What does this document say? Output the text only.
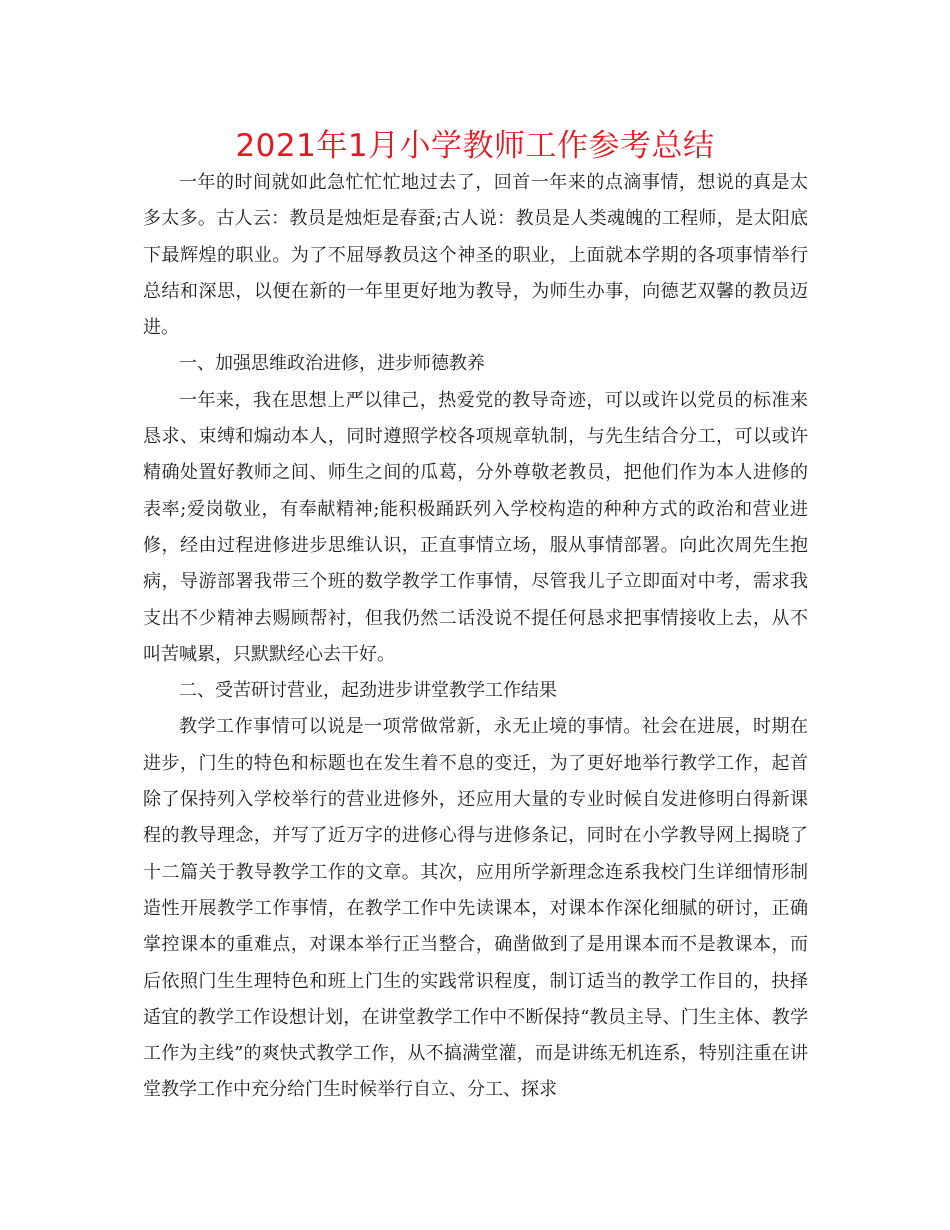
2021年1月小学教师工作参考总结

一年的时间就如此急忙忙忙地过去了，回首一年来的点滴事情，想说的真是太多太多。古人云：教员是烛炬是春蚕;古人说：教员是人类魂魄的工程师，是太阳底下最辉煌的职业。为了不屈辱教员这个神圣的职业，上面就本学期的各项事情举行总结和深思，以便在新的一年里更好地为教导，为师生办事，向德艺双馨的教员迈进。

一、加强思维政治进修，进步师德教养

一年来，我在思想上严以律己，热爱党的教导奇迹，可以或许以党员的标准来恳求、束缚和煽动本人，同时遵照学校各项规章轨制，与先生结合分工，可以或许精确处置好教师之间、师生之间的瓜葛，分外尊敬老教员，把他们作为本人进修的表率;爱岗敬业，有奉献精神;能积极踊跃列入学校构造的种种方式的政治和营业进修，经由过程进修进步思维认识，正直事情立场，服从事情部署。向此次周先生抱病，导游部署我带三个班的数学教学工作事情，尽管我儿子立即面对中考，需求我支出不少精神去赐顾帮衬，但我仍然二话没说不提任何恳求把事情接收上去，从不叫苦喊累，只默默经心去干好。

二、受苦研讨营业，起劲进步讲堂教学工作结果

教学工作事情可以说是一项常做常新，永无止境的事情。社会在进展，时期在进步，门生的特色和标题也在发生着不息的变迁，为了更好地举行教学工作，起首除了保持列入学校举行的营业进修外，还应用大量的专业时候自发进修明白得新课程的教导理念，并写了近万字的进修心得与进修条记，同时在小学教导网上揭晓了十二篇关于教导教学工作的文章。其次，应用所学新理念连系我校门生详细情形制造性开展教学工作事情，在教学工作中先读课本，对课本作深化细腻的研讨，正确掌控课本的重难点，对课本举行正当整合，确凿做到了是用课本而不是教课本，而后依照门生生理特色和班上门生的实践常识程度，制订适当的教学工作目的，抉择适宜的教学工作设想计划，在讲堂教学工作中不断保持“教员主导、门生主体、教学工作为主线”的爽快式教学工作，从不搞满堂灌，而是讲练无机连系，特别注重在讲堂教学工作中充分给门生时候举行自立、分工、探求
